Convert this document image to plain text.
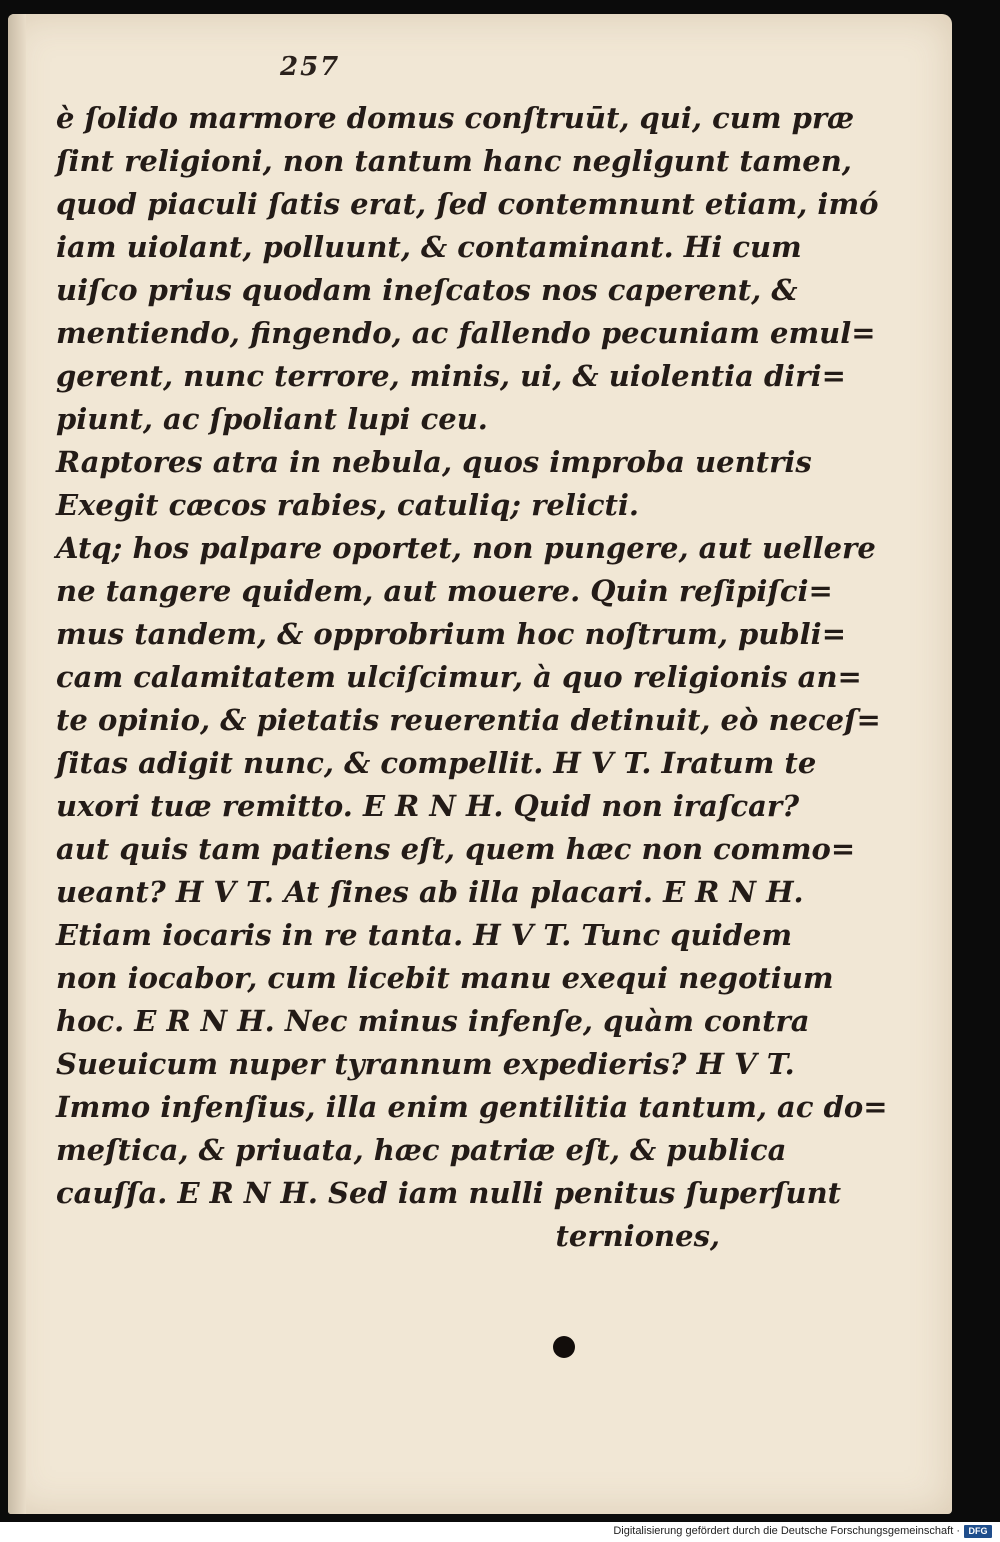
257
è ſolido marmore domus conſtruūt, qui, cum præ
ſint religioni, non tantum hanc negligunt tamen,
quod piaculi ſatis erat, ſed contemnunt etiam, imó
iam uiolant, polluunt, & contaminant. Hi cum
uiſco prius quodam ineſcatos nos caperent, &
mentiendo, fingendo, ac fallendo pecuniam emul=
gerent, nunc terrore, minis, ui, & uiolentia diri=
piunt, ac ſpoliant lupi ceu.
Raptores atra in nebula, quos improba uentris
Exegit cæcos rabies, catuliq; relicti.
Atq; hos palpare oportet, non pungere, aut uellere
ne tangere quidem, aut mouere. Quin reſipiſci=
mus tandem, & opprobrium hoc noſtrum, publi=
cam calamitatem ulciſcimur, à quo religionis an=
te opinio, & pietatis reuerentia detinuit, eò neceſ=
ſitas adigit nunc, & compellit. H V T. Iratum te
uxori tuæ remitto. E R N H. Quid non iraſcar?
aut quis tam patiens eſt, quem hæc non commo=
ueant? H V T. At ſines ab illa placari. E R N H.
Etiam iocaris in re tanta. H V T. Tunc quidem
non iocabor, cum licebit manu exequi negotium
hoc. E R N H. Nec minus infenſe, quàm contra
Sueuicum nuper tyrannum expedieris? H V T.
Immo infenſius, illa enim gentilitia tantum, ac do=
meſtica, & priuata, hæc patriæ eſt, & publica
cauſſa. E R N H. Sed iam nulli penitus ſuperſunt
terniones,
Digitalisierung gefördert durch die Deutsche Forschungsgemeinschaft · DFG
